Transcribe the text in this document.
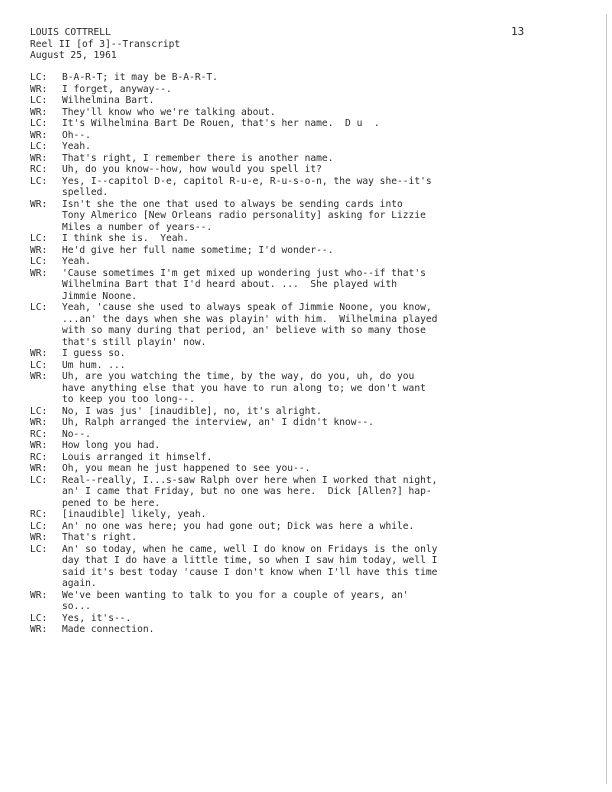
LOUIS COTTRELL
Reel II [of 3]--Transcript
August 25, 1961
13
LC:	B-A-R-T; it may be B-A-R-T.
WR:	I forget, anyway--.
LC:	Wilhelmina Bart.
WR:	They'll know who we're talking about.
LC:	It's Wilhelmina Bart De Rouen, that's her name.  D u  .
WR:	Oh--.
LC:	Yeah.
WR:	That's right, I remember there is another name.
RC:	Uh, do you know--how, how would you spell it?
LC:	Yes, I--capitol D-e, capitol R-u-e, R-u-s-o-n, the way she--it's
spelled.
WR:	Isn't she the one that used to always be sending cards into
Tony Almerico [New Orleans radio personality] asking for Lizzie
Miles a number of years--.
LC:	I think she is.  Yeah.
WR:	He'd give her full name sometime; I'd wonder--.
LC:	Yeah.
WR:	'Cause sometimes I'm get mixed up wondering just who--if that's
Wilhelmina Bart that I'd heard about. ...  She played with
Jimmie Noone.
LC:	Yeah, 'cause she used to always speak of Jimmie Noone, you know,
...an' the days when she was playin' with him.  Wilhelmina played
with so many during that period, an' believe with so many those
that's still playin' now.
WR:	I guess so.
LC:	Um hum. ...
WR:	Uh, are you watching the time, by the way, do you, uh, do you
have anything else that you have to run along to; we don't want
to keep you too long--.
LC:	No, I was jus' [inaudible], no, it's alright.
WR:	Uh, Ralph arranged the interview, an' I didn't know--.
RC:	No--.
WR:	How long you had.
RC:	Louis arranged it himself.
WR:	Oh, you mean he just happened to see you--.
LC:	Real--really, I...s-saw Ralph over here when I worked that night,
an' I came that Friday, but no one was here.  Dick [Allen?] hap-
pened to be here.
RC:	[inaudible] likely, yeah.
LC:	An' no one was here; you had gone out; Dick was here a while.
WR:	That's right.
LC:	An' so today, when he came, well I do know on Fridays is the only
day that I do have a little time, so when I saw him today, well I
said it's best today 'cause I don't know when I'll have this time
again.
WR:	We've been wanting to talk to you for a couple of years, an'
so...
LC:	Yes, it's--.
WR:	Made connection.
